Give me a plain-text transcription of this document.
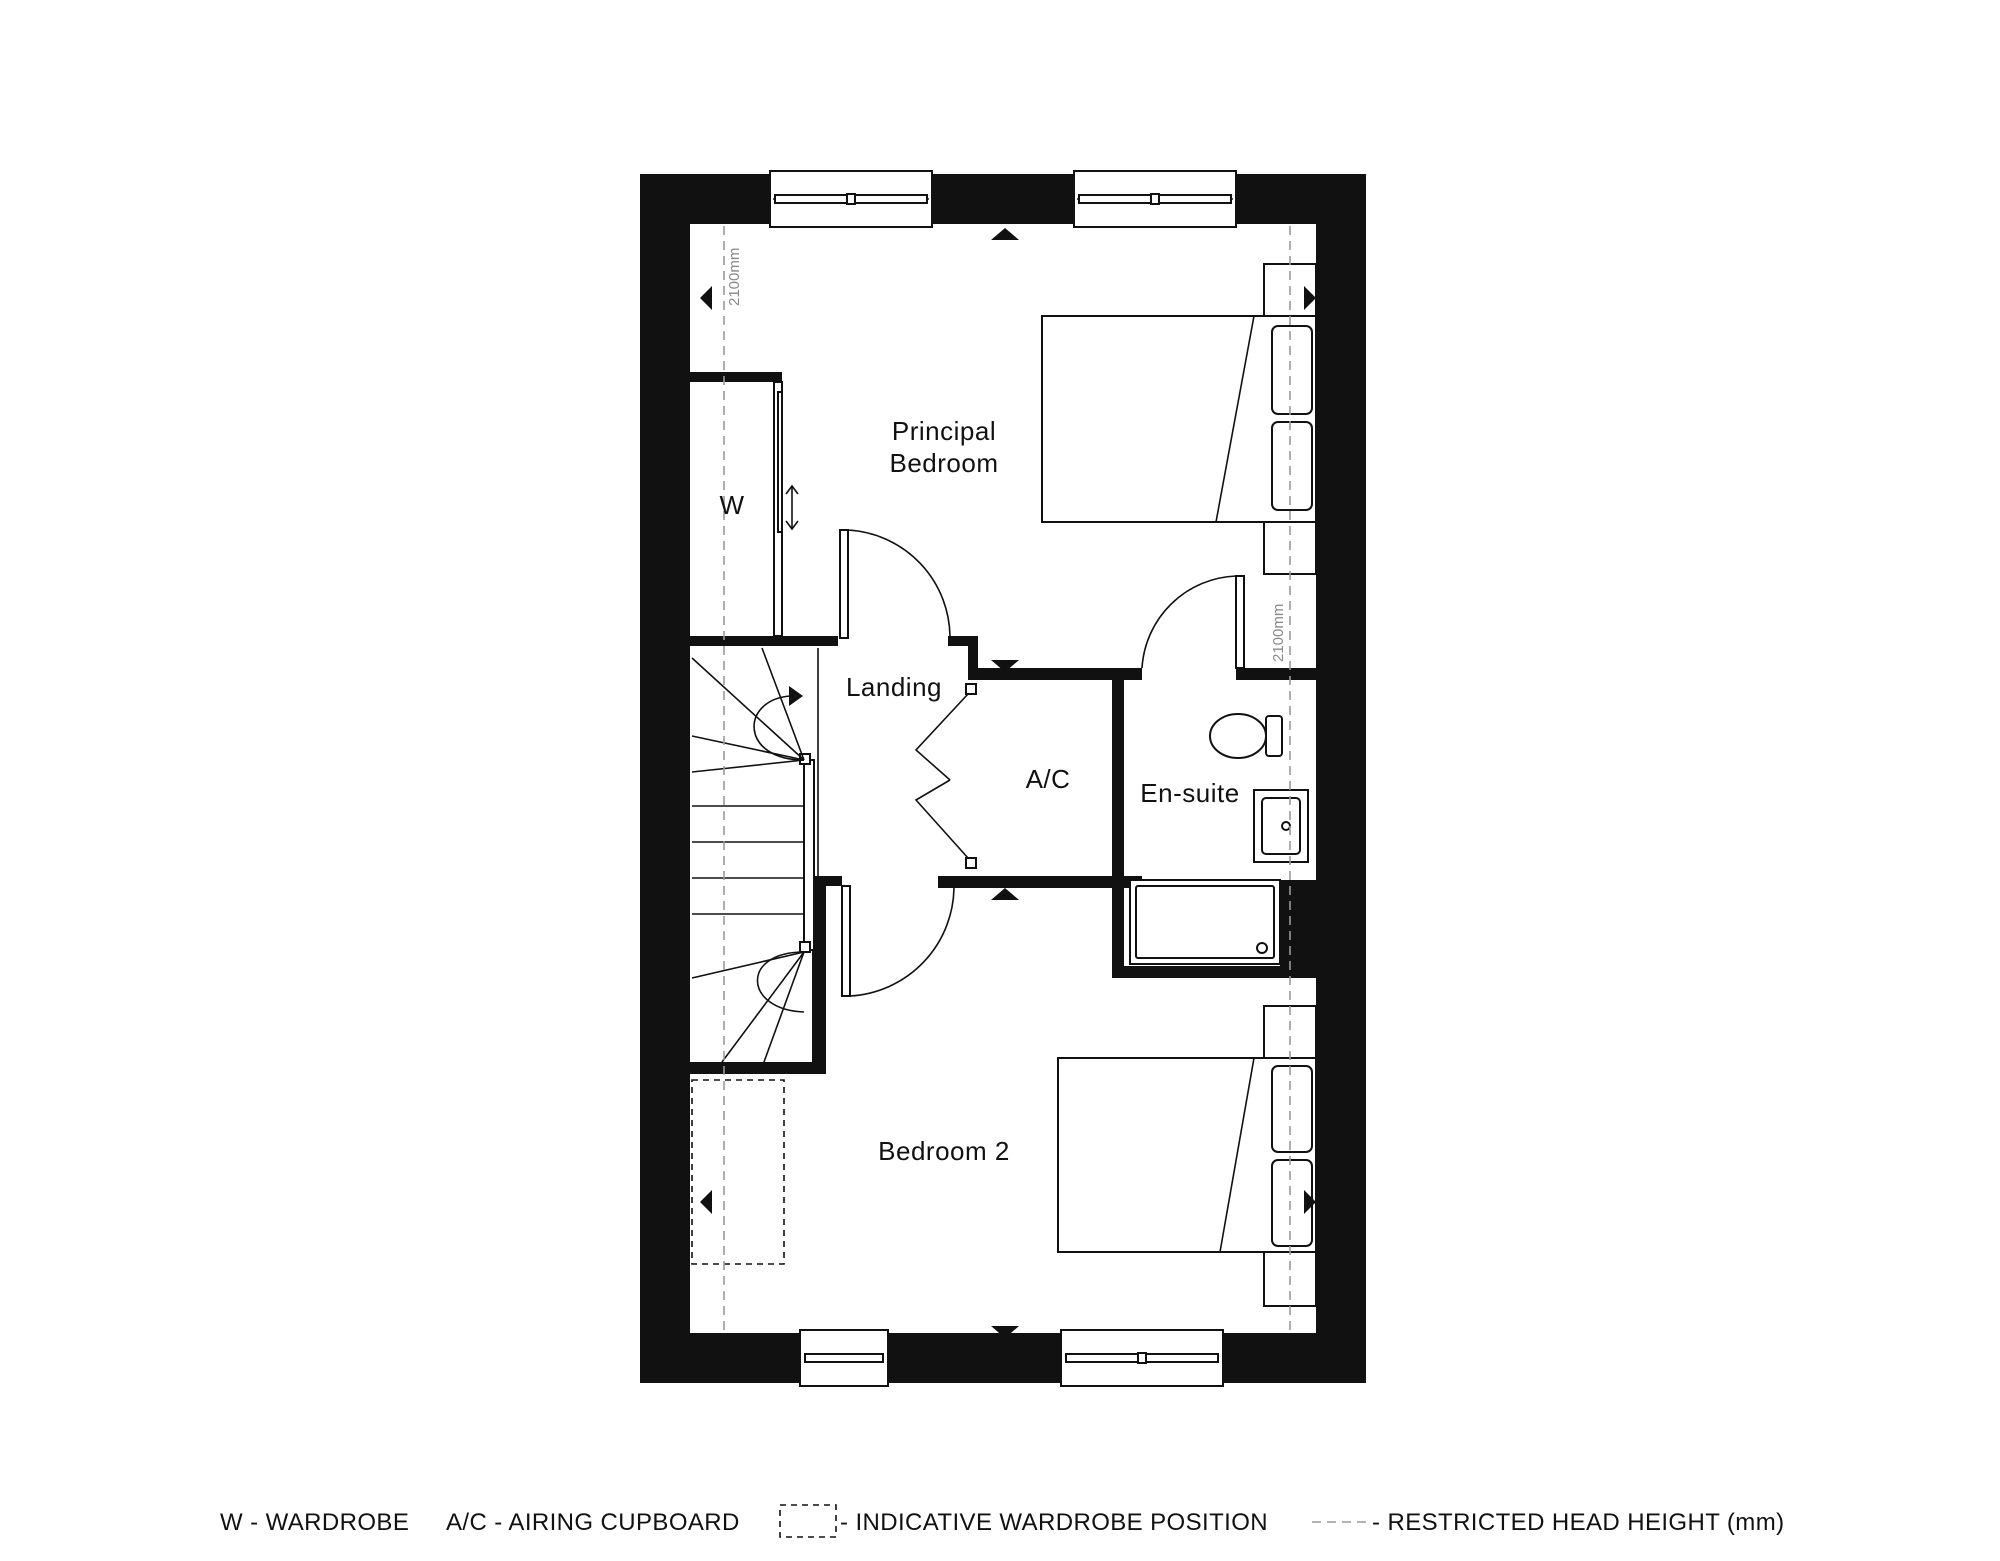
Principal
Bedroom
W
Landing
A/C	En-suite
Bedroom 2
2100mm
2100mm
W - WARDROBE A/C - AIRING CUPBOARD	- INDICATIVE WARDROBE POSITION	- RESTRICTED HEAD HEIGHT (mm)
